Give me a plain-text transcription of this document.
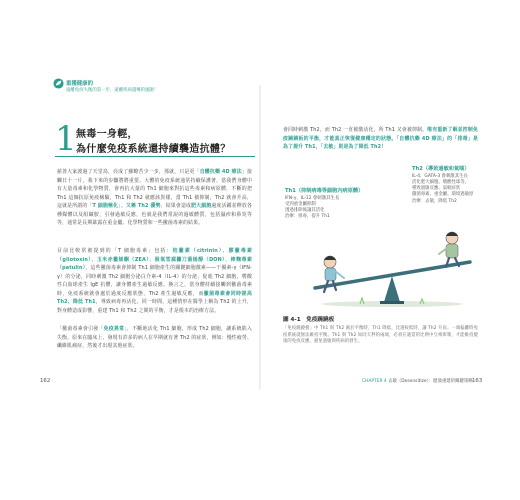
重獲健康的
遠離免疫失衡的第一步，遠離疾病遺傳的風險！
1 無毒一身輕，
為什麼免疫系統還持續襲造抗體？
慈善大家渡過了天堂鳥，亮成了蘇瞭苦少一步，那就，只是更「自體抗藥 4D 療法」接觸日十一片，我下來的步驟將將重要。大體的免疫系統通常持續保護著，當我們身體中有大量毒素和化學物質，會再抗大量的 Th1 細胞來對抗這些毒素和病原體，不斷的把 Th1 這個抗原免疫檢驗，Th1 和 Th2 就應該異樣，當 Th1 被抑制，Th2 就會升高，這就是所謂的「T 細胞極化」。又稱 Th2 優勢，結果會造成肥大細胞過度活躍並釋放各種媒體以及組織胺，引發過敏反應，也就是我們常說的過敏體質，包括濕疹和鼻炎等等，通常是長期暴露在重金屬、化學物質和一些黴菌毒素的結果。
目前比較常被提到的「T 細胞毒素」包括：桔黴素（citrinin）、膠黴毒素（gliotoxin）、玉米赤黴烯酮（ZEA）、脫氧雪腐鐮刀菌烯醇（DON）、棒麴毒素（patulin），這些黴菌毒素會抑制 Th1 細胞產生的關鍵細胞激素——干擾素-γ（IFN-γ）的分泌，同時刺激 Th2 細胞分泌白介素-4（IL-4）的分泌，促進 Th2 細胞、嗜酸性白血球產生 IgE 抗體，讓身體產生過敏反應。換言之，當身體持續接觸到黴菌毒素時，免疫系統就會處於過度反應狀態，Th2 產生過敏反應，而黴菌毒素會同時提高 Th2、降低 Th1，導致病毒再活化。同一時間，這種情形在醫學上稱為 Th2 的上升，對身體造成影響，重建 Th1 和 Th2 之間的平衡，才是根本的治療方法。
「黴菌毒素會引發「免疫異常」，不斷地活化 Th1 細胞，形成 Th2 細胞，讓系統陷入失衡。原來在臨床上，發現有許多的病人在早期就有著 Th2 的症狀，例如：慢性疲勞、纖維肌痛症，然後才出現其他症狀。
會同時刺激 Th2，而 Th2 一直被激活化，所 Th1 又會被抑制。唯有重新了解並控制免疫蹺蹺板的平衡，才能真正恢復健康穩定的狀態。「自體抗藥 4D 療法」的「排毒」是為了提升 Th1，「去敏」則是為了降低 Th2！
Th2（導致過敏和氣喘）
IL-4、GATA-3 會刺激其生長
活化肥大細胞、嗜酸性球等，
導致過敏反應、氣喘症狀
黴菌毒素、重金屬、環境過敏原
治療：去敏，降低 Th2
Th1（抑制病毒等細胞內病原體）
IFN-γ、IL-12 會刺激其生長
受到重金屬抑制
透過排除後讓其活化
治療：排毒，提升 Th1
圖 4-1　免疫蹺蹺板
「免疫蹺蹺板」中 Th1 與 Th2 處於平衡時，Th1 降低，比過較低時，讓 Th2 升高；一端偏離時免疫系統就無法維持平衡。Th1 與 Th2 如同天秤的兩端，必須在適當的比例中互相牽制，才能維持健康的免疫反應，避免過敏與疾病的發生。
162	CHAPTER 4 去敏（Desensitize）：健康重建的關鍵策略 163
